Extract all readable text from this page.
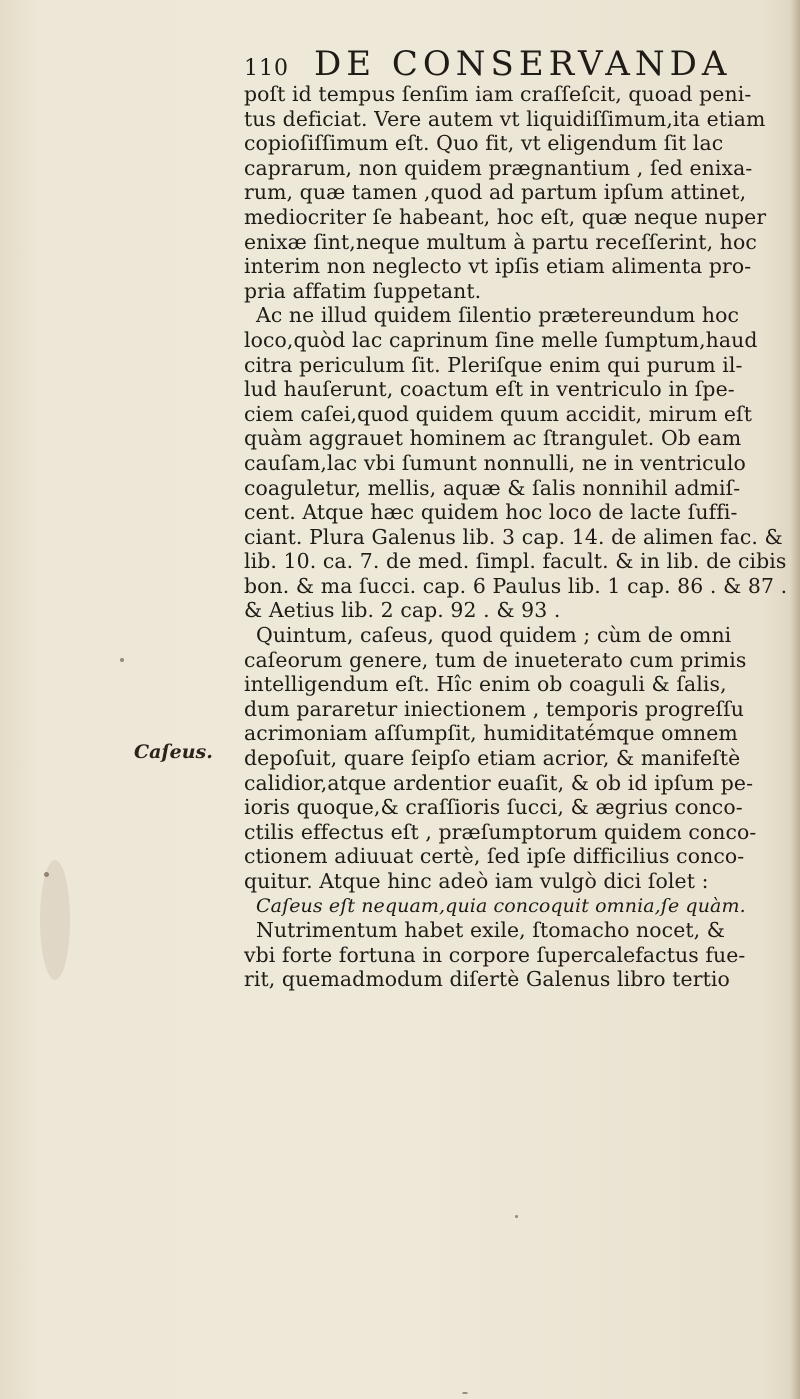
110 DE CONSERVANDA
Caſeus.
poſt id tempus ſenſim iam craſſeſcit, quoad peni-
tus deficiat. Vere autem vt liquidiſſimum,ita etiam
copioſiſſimum eſt. Quo fit, vt eligendum ſit lac
caprarum, non quidem prægnantium , ſed enixa-
rum, quæ tamen ,quod ad partum ipſum attinet,
mediocriter ſe habeant, hoc eſt, quæ neque nuper
enixæ ſint,neque multum à partu receſſerint, hoc
interim non neglecto vt ipſis etiam alimenta pro-
pria affatim ſuppetant.
Ac ne illud quidem ſilentio prætereundum hoc
loco,quòd lac caprinum ſine melle ſumptum,haud
citra periculum ſit. Pleriſque enim qui purum il-
lud hauſerunt, coactum eſt in ventriculo in ſpe-
ciem caſei,quod quidem quum accidit, mirum eſt
quàm aggrauet hominem ac ſtrangulet. Ob eam
cauſam,lac vbi ſumunt nonnulli, ne in ventriculo
coaguletur, mellis, aquæ & ſalis nonnihil admiſ-
cent. Atque hæc quidem hoc loco de lacte ſuffi-
ciant. Plura Galenus lib. 3 cap. 14. de alimen fac. &
lib. 10. ca. 7. de med. ſimpl. facult. & in lib. de cibis
bon. & ma ſucci. cap. 6 Paulus lib. 1 cap. 86 . & 87 .
& Aetius lib. 2 cap. 92 . & 93 .
Quintum, caſeus, quod quidem ; cùm de omni
caſeorum genere, tum de inueterato cum primis
intelligendum eſt. Hîc enim ob coaguli & ſalis,
dum pararetur iniectionem , temporis progreſſu
acrimoniam aſſumpſit, humiditatémque omnem
depoſuit, quare ſeipſo etiam acrior, & manifeſtè
calidior,atque ardentior euaſit, & ob id ipſum pe-
ioris quoque,& craſſioris ſucci, & ægrius conco-
ctilis effectus eſt , præſumptorum quidem conco-
ctionem adiuuat certè, ſed ipſe difficilius conco-
quitur. Atque hinc adeò iam vulgò dici ſolet :
Caſeus eſt nequam,quia concoquit omnia,ſe quàm.
Nutrimentum habet exile, ſtomacho nocet, &
vbi forte fortuna in corpore ſupercalefactus fue-
rit, quemadmodum diſertè Galenus libro tertio
